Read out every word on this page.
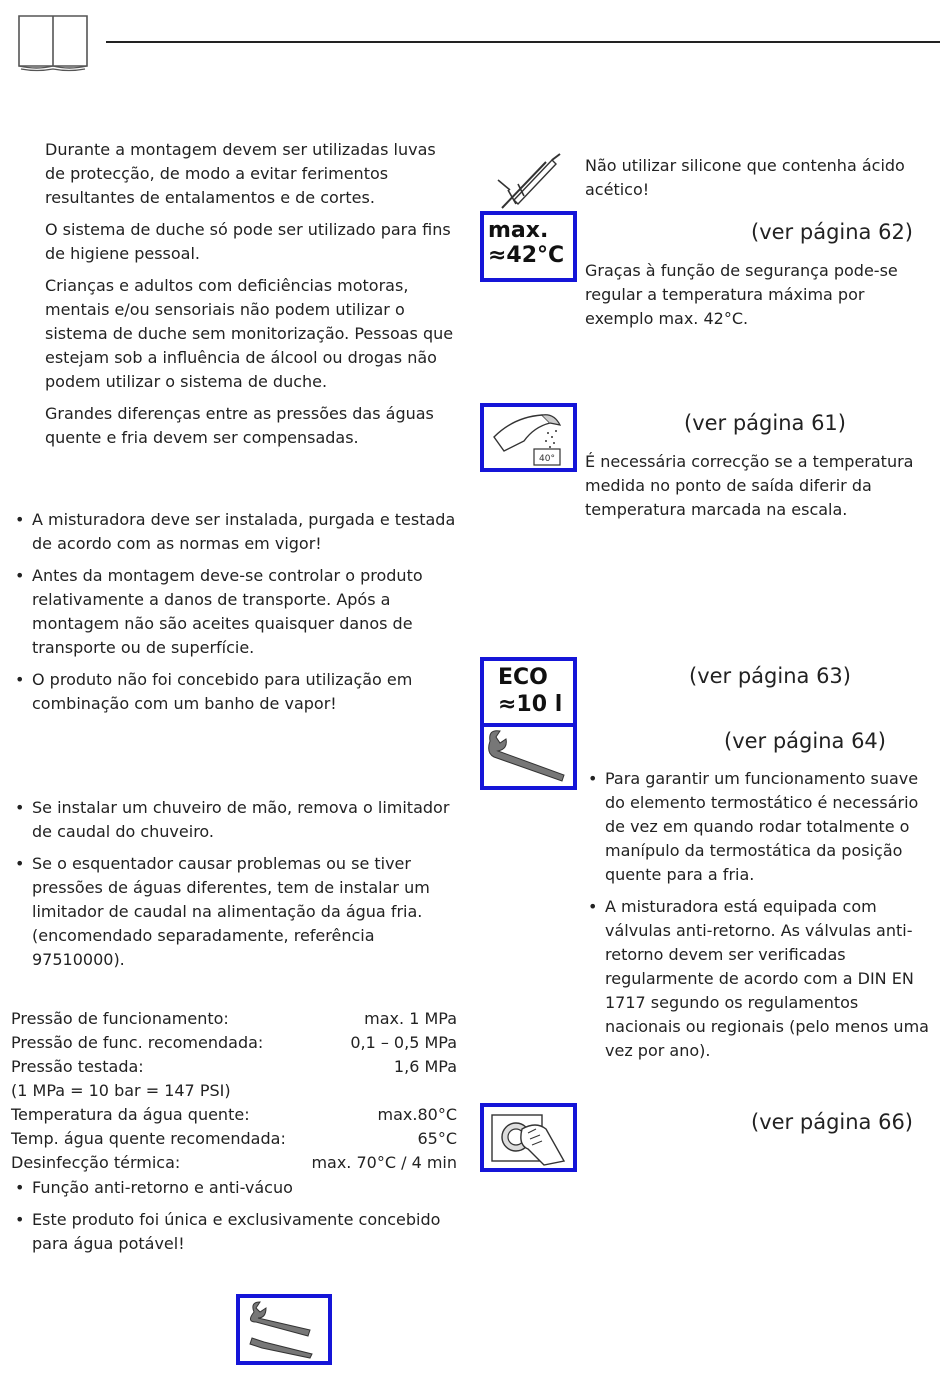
Durante a montagem devem ser utilizadas luvas de protecção, de modo a evitar ferimentos resultantes de entalamentos e de cortes.

O sistema de duche só pode ser utilizado para fins de higiene pessoal.

Crianças e adultos com deficiências motoras, mentais e/ou sensoriais não podem utilizar o sistema de duche sem monitorização. Pessoas que estejam sob a influência de álcool ou drogas não podem utilizar o sistema de duche.

Grandes diferenças entre as pressões das águas quente e fria devem ser compensadas.

• A misturadora deve ser instalada, purgada e testada de acordo com as normas em vigor!
• Antes da montagem deve-se controlar o produto relativamente a danos de transporte. Após a montagem não são aceites quaisquer danos de transporte ou de superfície.
• O produto não foi concebido para utilização em combinação com um banho de vapor!
• Se instalar um chuveiro de mão, remova o limitador de caudal do chuveiro.
• Se o esquentador causar problemas ou se tiver pressões de águas diferentes, tem de instalar um limitador de caudal na alimentação da água fria. (encomendado separadamente, referência 97510000).
Pressão de funcionamento:	max. 1 MPa
Pressão de func. recomendada:	0,1 – 0,5 MPa
Pressão testada:	1,6 MPa
(1 MPa = 10 bar = 147 PSI)
Temperatura da água quente:	max.80°C
Temp. água quente recomendada:	65°C
Desinfecção térmica:	max. 70°C / 4 min
• Função anti-retorno e anti-vácuo
• Este produto foi única e exclusivamente concebido para água potável!
Não utilizar silicone que contenha ácido acético!
max.
≈42°C
(ver página 62)
Graças à função de segurança pode-se regular a temperatura máxima por exemplo max. 42°C.
40°
(ver página 61)
É necessária correcção se a temperatura medida no ponto de saída diferir da temperatura marcada na escala.
ECO
≈10 l
(ver página 63)
(ver página 64)
• Para garantir um funcionamento suave do elemento termostático é necessário de vez em quando rodar totalmente o manípulo da termostática da posição quente para a fria.
• A misturadora está equipada com válvulas anti-retorno. As válvulas anti-retorno devem ser verificadas regularmente de acordo com a DIN EN 1717 segundo os regulamentos nacionais ou regionais (pelo menos uma vez por ano).
(ver página 66)
